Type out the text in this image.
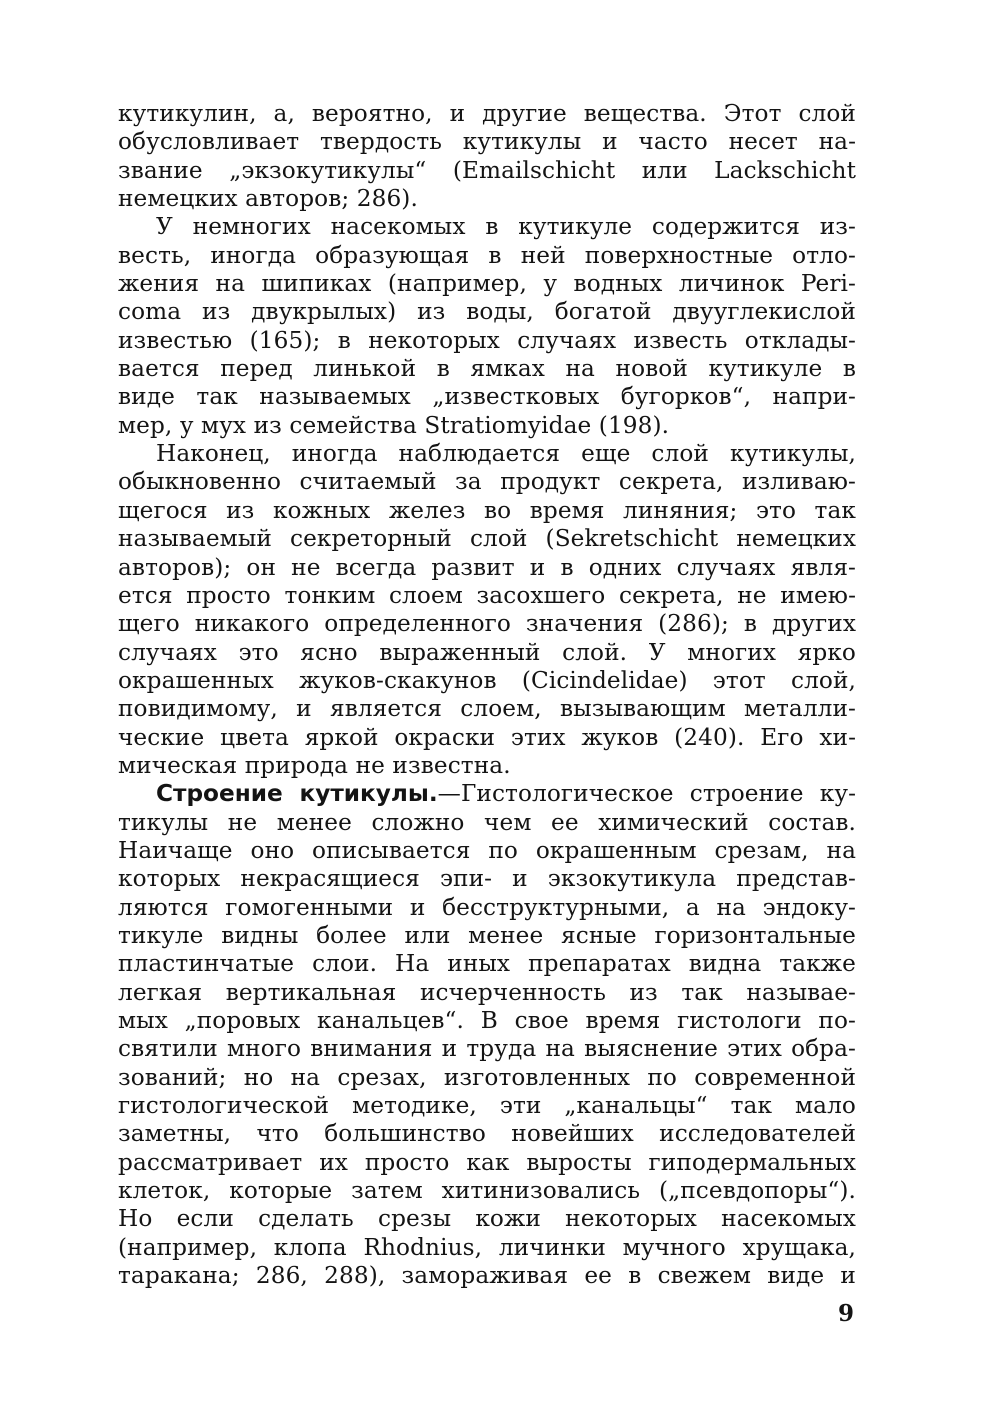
кутикулин, а, вероятно, и другие вещества. Этот слой
обусловливает твердость кутикулы и часто несет на-
звание „экзокутикулы“ (Emailschicht или Lackschicht
немецких авторов; 286).
У немногих насекомых в кутикуле содержится из-
весть, иногда образующая в ней поверхностные отло-
жения на шипиках (например, у водных личинок Peri-
coma из двукрылых) из воды, богатой двууглекислой
известью (165); в некоторых случаях известь отклады-
вается перед линькой в ямках на новой кутикуле в
виде так называемых „известковых бугорков“, напри-
мер, у мух из семейства Stratiomyidae (198).
Наконец, иногда наблюдается еще слой кутикулы,
обыкновенно считаемый за продукт секрета, изливаю-
щегося из кожных желез во время линяния; это так
называемый секреторный слой (Sekretschicht немецких
авторов); он не всегда развит и в одних случаях явля-
ется просто тонким слоем засохшего секрета, не имею-
щего никакого определенного значения (286); в других
случаях это ясно выраженный слой. У многих ярко
окрашенных жуков-скакунов (Cicindelidae) этот слой,
повидимому, и является слоем, вызывающим металли-
ческие цвета яркой окраски этих жуков (240). Его хи-
мическая природа не известна.
Строение кутикулы.—Гистологическое строение ку-
тикулы не менее сложно чем ее химический состав.
Наичаще оно описывается по окрашенным срезам, на
которых некрасящиеся эпи- и экзокутикула представ-
ляются гомогенными и бесструктурными, а на эндоку-
тикуле видны более или менее ясные горизонтальные
пластинчатые слои. На иных препаратах видна также
легкая вертикальная исчерченность из так называе-
мых „поровых канальцев“. В свое время гистологи по-
святили много внимания и труда на выяснение этих обра-
зований; но на срезах, изготовленных по современной
гистологической методике, эти „канальцы“ так мало
заметны, что большинство новейших исследователей
рассматривает их просто как выросты гиподермальных
клеток, которые затем хитинизовались („псевдопоры“).
Но если сделать срезы кожи некоторых насекомых
(например, клопа Rhodnius, личинки мучного хрущака,
таракана; 286, 288), замораживая ее в свежем виде и
9
